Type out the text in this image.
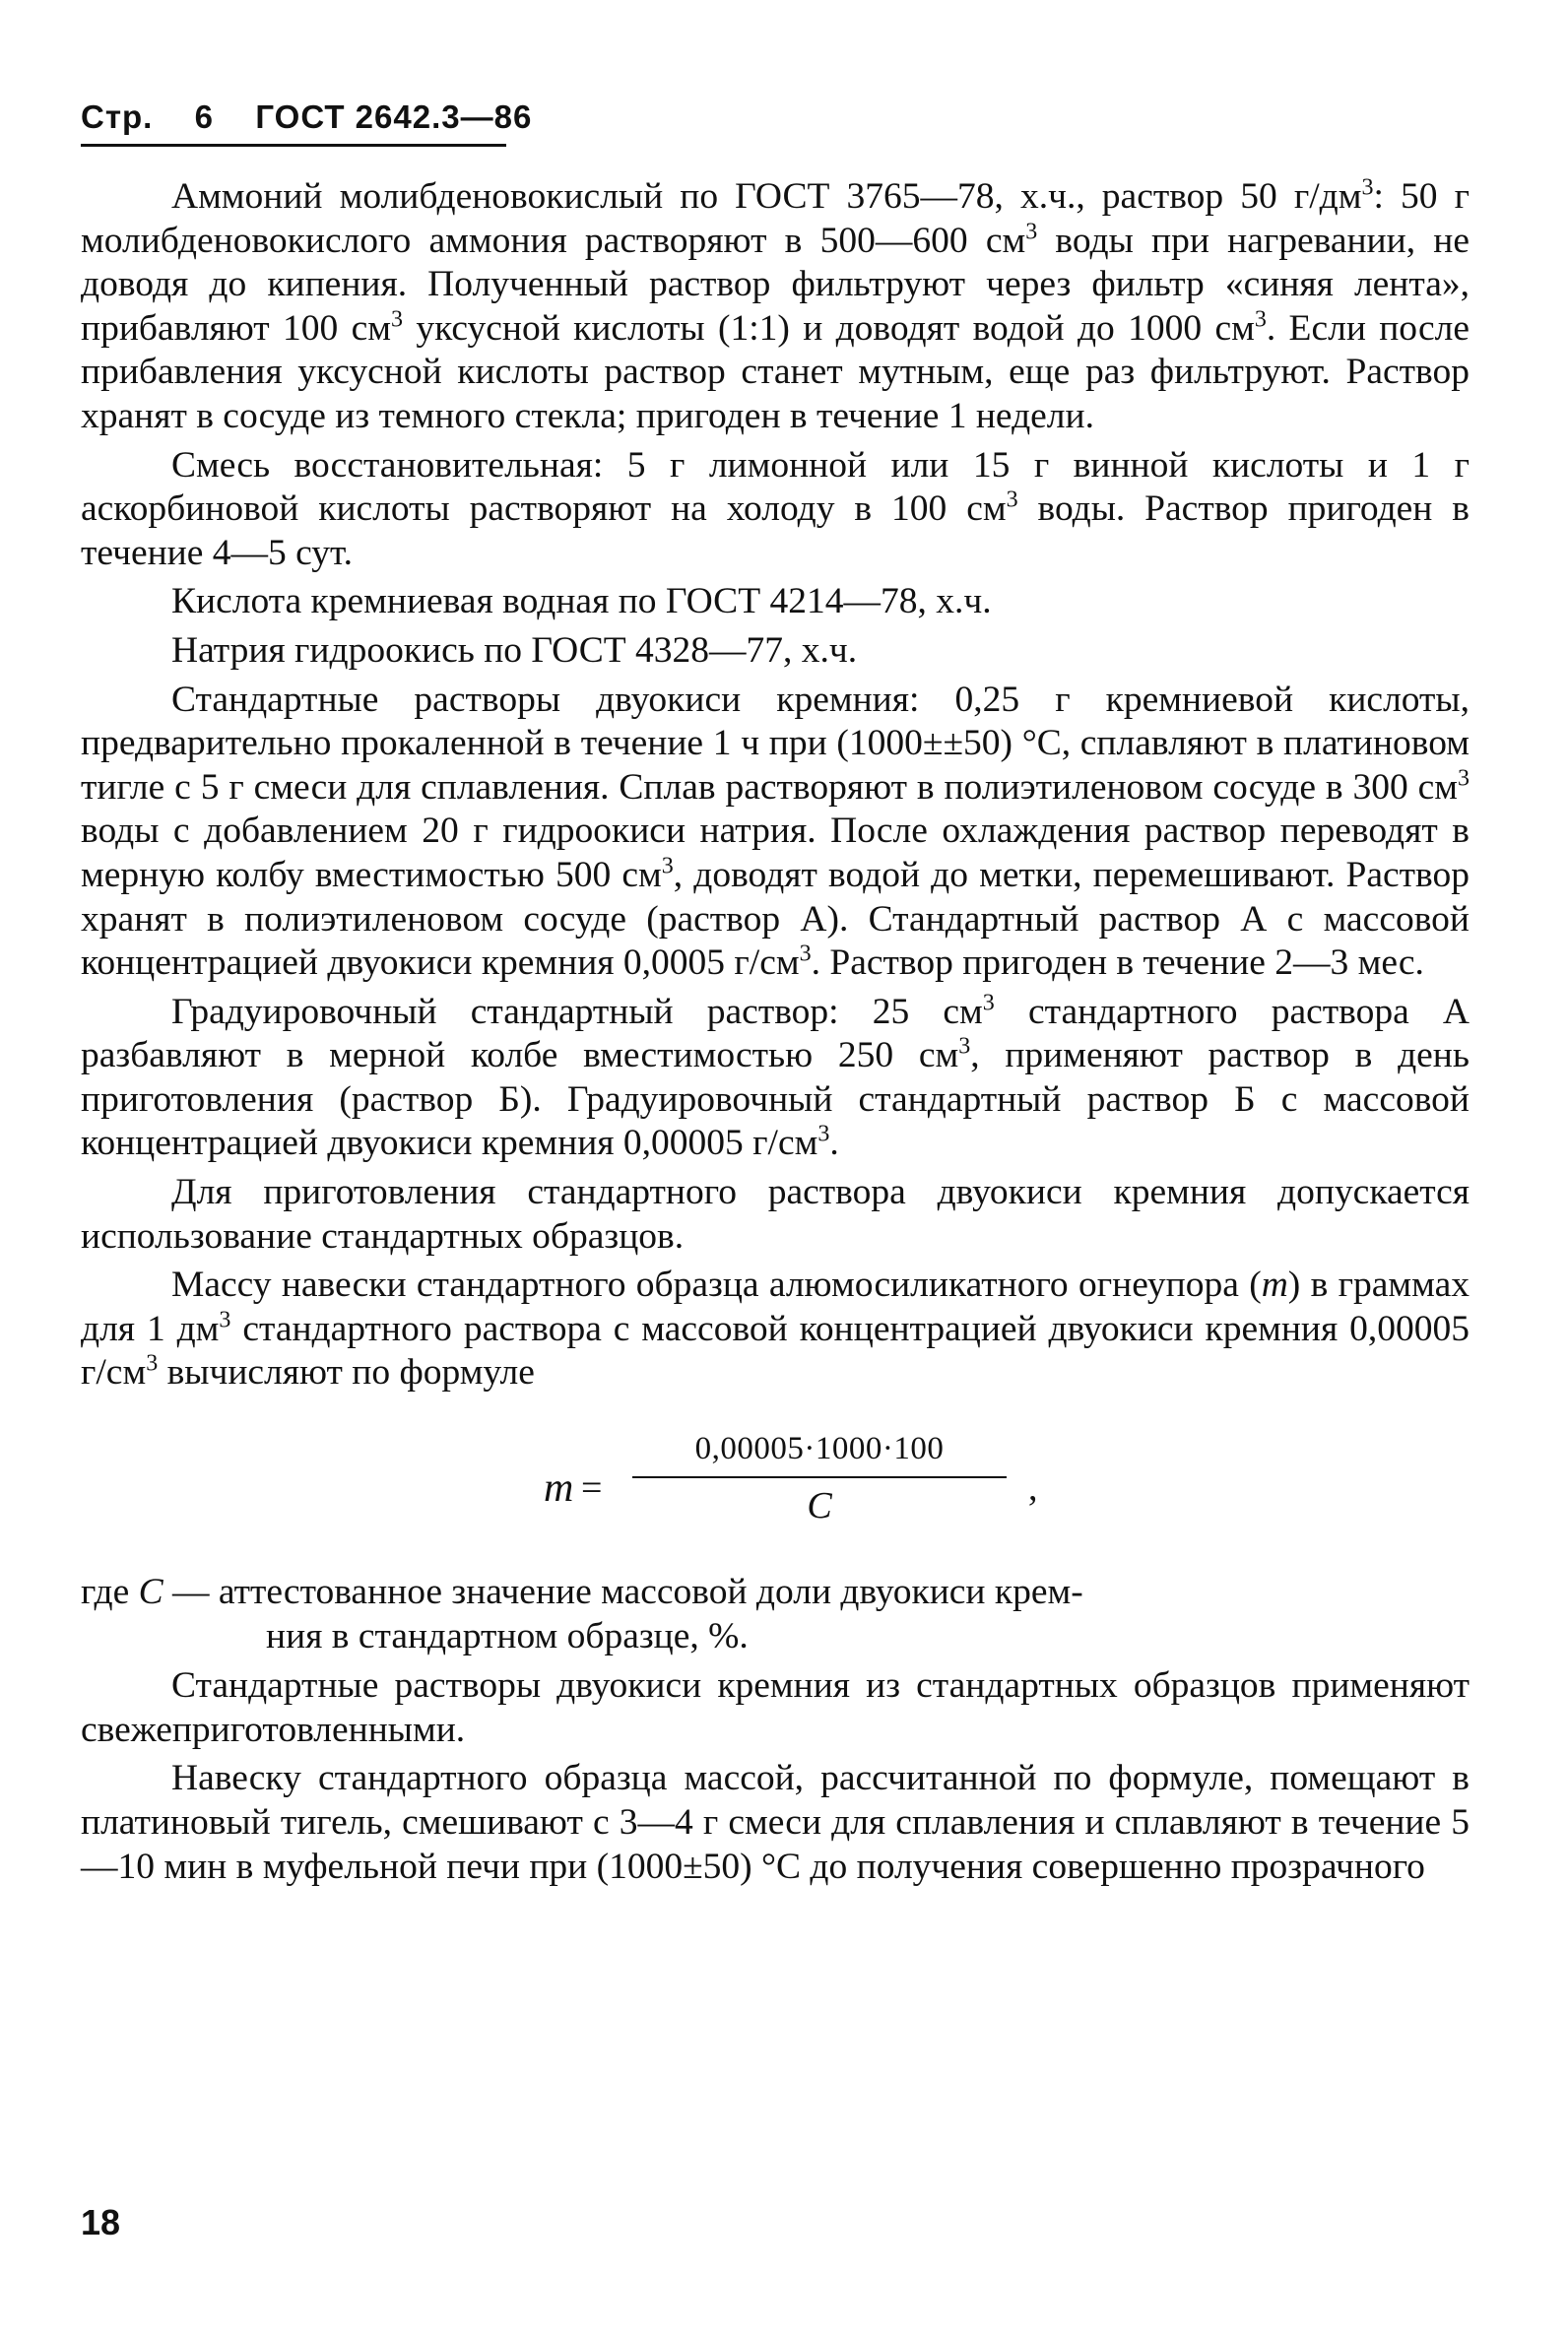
Стр. 6 ГОСТ 2642.3—86

Аммоний молибденовокислый по ГОСТ 3765—78, х.ч., раствор 50 $г/дм^3$: 50 г молибденовокислого аммония растворяют в 500—600 $см^3$ воды при нагревании, не доводя до кипения. Полученный раствор фильтруют через фильтр «синяя лента», прибавляют 100 $см^3$ уксусной кислоты (1:1) и доводят водой до 1000 $см^3$. Если после прибавления уксусной кислоты раствор станет мутным, еще раз фильтруют. Раствор хранят в сосуде из темного стекла; пригоден в течение 1 недели.

Смесь восстановительная: 5 г лимонной или 15 г винной кислоты и 1 г аскорбиновой кислоты растворяют на холоду в 100 $см^3$ воды. Раствор пригоден в течение 4—5 сут.

Кислота кремниевая водная по ГОСТ 4214—78, х.ч.

Натрия гидроокись по ГОСТ 4328—77, х.ч.

Стандартные растворы двуокиси кремния: 0,25 г кремниевой кислоты, предварительно прокаленной в течение 1 ч при (1000±±50) °С, сплавляют в платиновом тигле с 5 г смеси для сплавления. Сплав растворяют в полиэтиленовом сосуде в 300 $см^3$ воды с добавлением 20 г гидроокиси натрия. После охлаждения раствор переводят в мерную колбу вместимостью 500 $см^3$, доводят водой до метки, перемешивают. Раствор хранят в полиэтиленовом сосуде (раствор А). Стандартный раствор А с массовой концентрацией двуокиси кремния 0,0005 $г/см^3$. Раствор пригоден в течение 2—3 мес.

Градуировочный стандартный раствор: 25 $см^3$ стандартного раствора А разбавляют в мерной колбе вместимостью 250 $см^3$, применяют раствор в день приготовления (раствор Б). Градуировочный стандартный раствор Б с массовой концентрацией двуокиси кремния 0,00005 $г/см^3$.

Для приготовления стандартного раствора двуокиси кремния допускается использование стандартных образцов.

Массу навески стандартного образца алюмосиликатного огнеупора (m) в граммах для 1 $дм^3$ стандартного раствора с массовой концентрацией двуокиси кремния 0,00005 $г/см^3$ вычисляют по формуле

m =
0,00005·1000·100
C	,

где C — аттестованное значение массовой доли двуокиси крем-

ния в стандартном образце, %.

Стандартные растворы двуокиси кремния из стандартных образцов применяют свежеприготовленными.

Навеску стандартного образца массой, рассчитанной по формуле, помещают в платиновый тигель, смешивают с 3—4 г смеси для сплавления и сплавляют в течение 5—10 мин в муфельной печи при (1000±50) °С до получения совершенно прозрачного

18
